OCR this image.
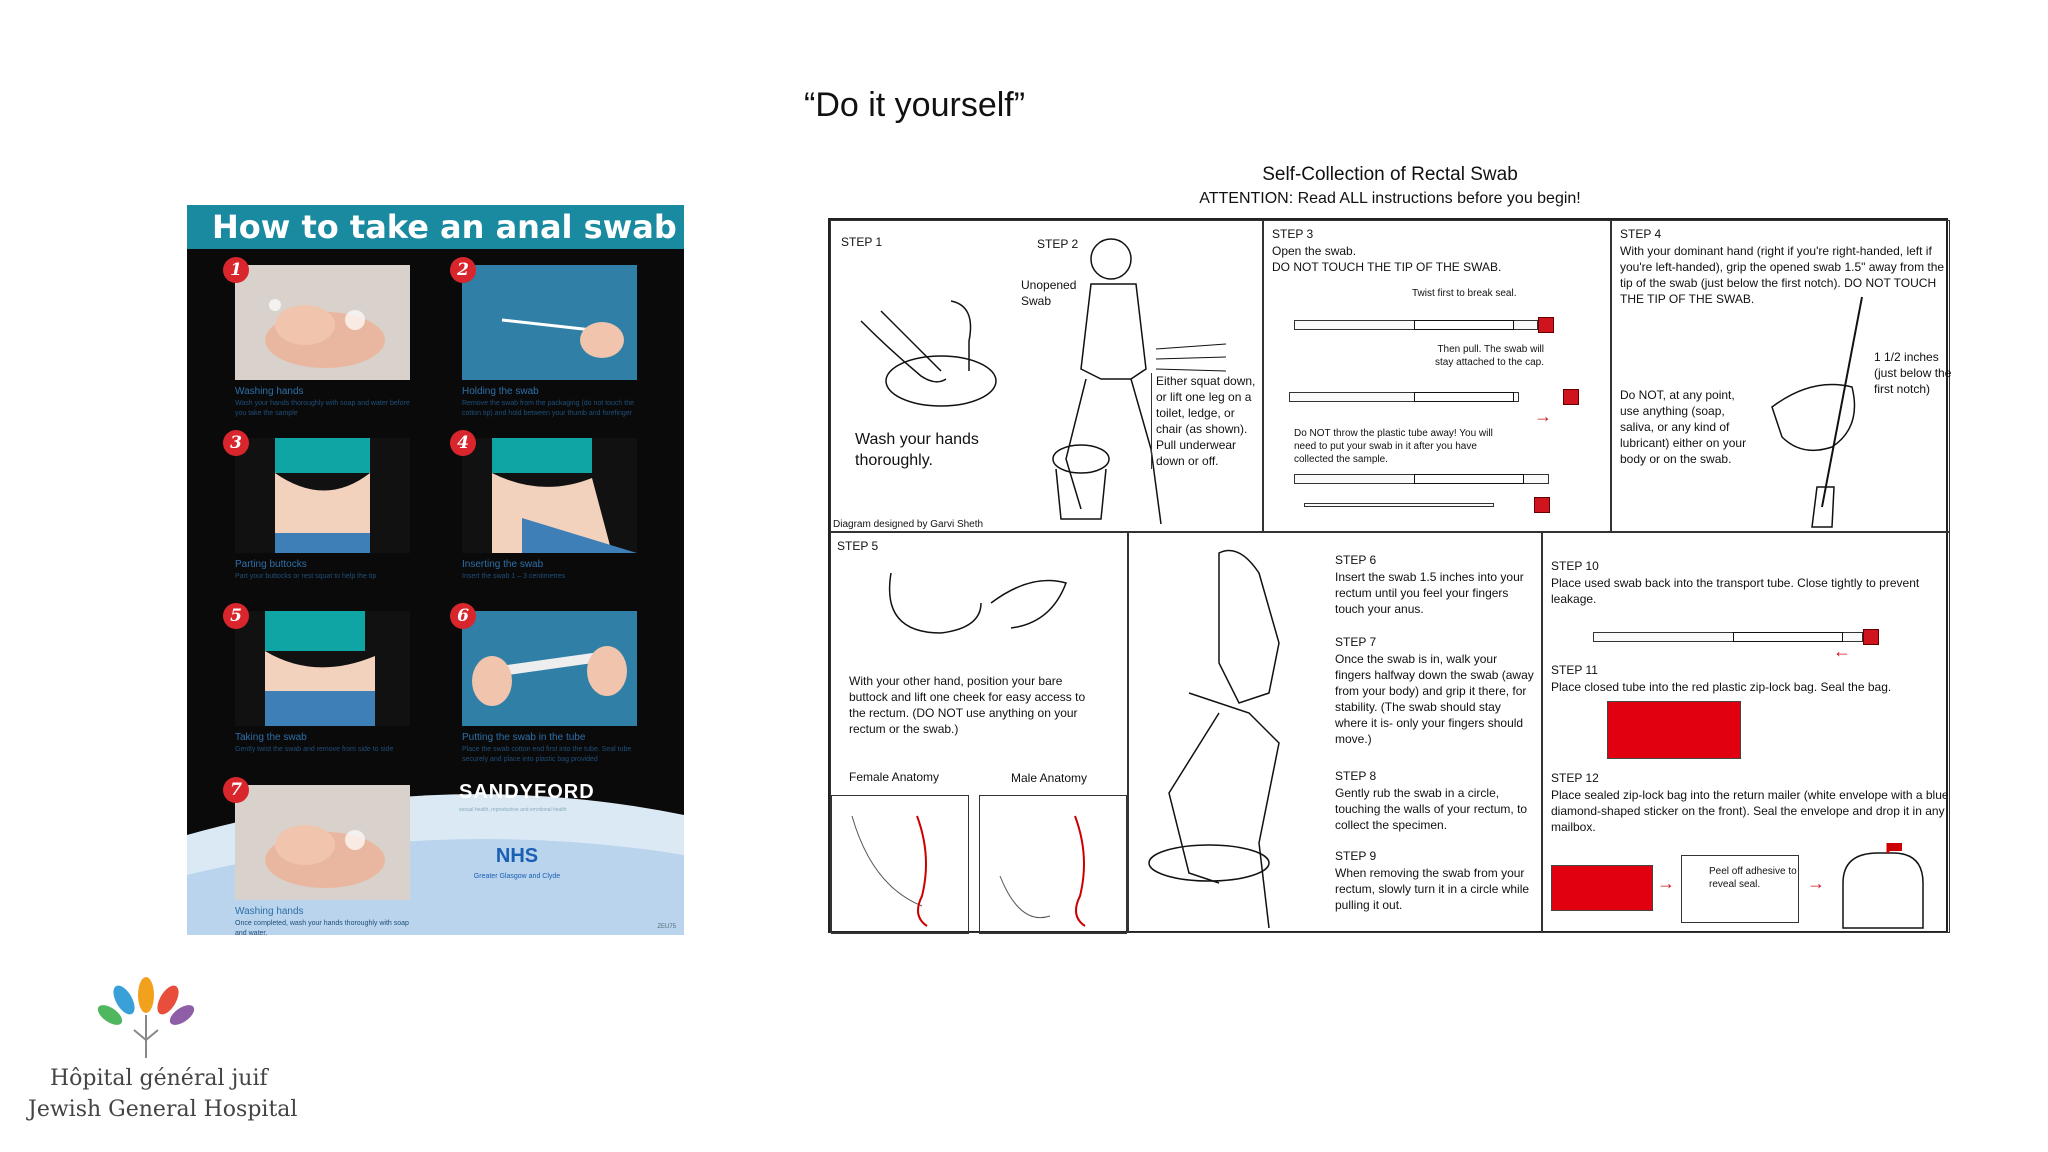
“Do it yourself”
How to take an anal swab
1
Washing hands
Wash your hands thoroughly with soap and water before you take the sample
2
Holding the swab
Remove the swab from the packaging (do not touch the cotton tip) and hold between your thumb and forefinger
3
Parting buttocks
Part your buttocks or rest squat to help the tip
4
Inserting the swab
Insert the swab 1 – 3 centimetres
5
Taking the swab
Gently twist the swab and remove from side to side
6
Putting the swab in the tube
Place the swab cotton end first into the tube. Seal tube securely and place into plastic bag provided
7
Washing hands
Once completed, wash your hands thoroughly with soap and water.
SANDYFORD
sexual health, reproductive and emotional health
NHS
Greater Glasgow and Clyde
ZEU75
Self-Collection of Rectal Swab
ATTENTION: Read ALL instructions before you begin!
STEP 1
Wash your hands thoroughly.
STEP 2
Unopened Swab
Either squat down, or lift one leg on a toilet, ledge, or chair (as shown). Pull underwear down or off.
Diagram designed by Garvi Sheth
STEP 3
Open the swab.
DO NOT TOUCH THE TIP OF THE SWAB.
Twist first to break seal.
Then pull. The swab will stay attached to the cap.
→
Do NOT throw the plastic tube away! You will need to put your swab in it after you have collected the sample.
STEP 4
With your dominant hand (right if you're right-handed, left if you're left-handed), grip the opened swab 1.5" away from the tip of the swab (just below the first notch). DO NOT TOUCH THE TIP OF THE SWAB.
Do NOT, at any point, use anything (soap, saliva, or any kind of lubricant) either on your body or on the swab.
1 1/2 inches (just below the first notch)
STEP 5
With your other hand, position your bare buttock and lift one cheek for easy access to the rectum. (DO NOT use anything on your rectum or the swab.)
Female Anatomy	Male Anatomy
STEP 6
Insert the swab 1.5 inches into your rectum until you feel your fingers touch your anus.
STEP 7
Once the swab is in, walk your fingers halfway down the swab (away from your body) and grip it there, for stability. (The swab should stay where it is- only your fingers should move.)
STEP 8
Gently rub the swab in a circle, touching the walls of your rectum, to collect the specimen.
STEP 9
When removing the swab from your rectum, slowly turn it in a circle while pulling it out.
STEP 10
Place used swab back into the transport tube. Close tightly to prevent leakage.
←
STEP 11
Place closed tube into the red plastic zip-lock bag. Seal the bag.
STEP 12
Place sealed zip-lock bag into the return mailer (white envelope with a blue diamond-shaped sticker on the front). Seal the envelope and drop it in any mailbox.
→
Peel off adhesive to reveal seal.	→
Hôpital général juif
Jewish General Hospital
